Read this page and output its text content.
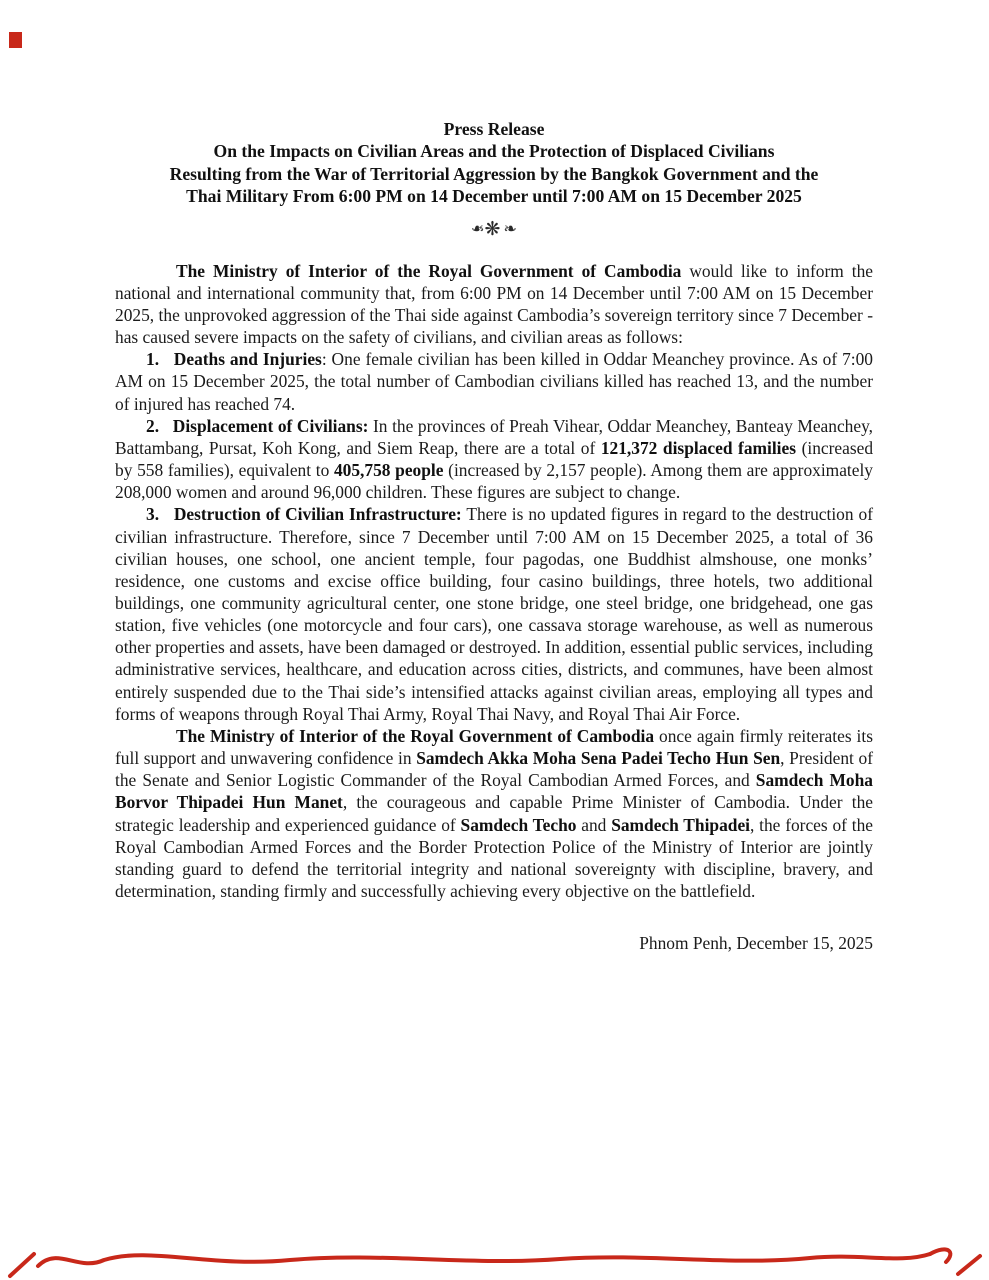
Press Release
On the Impacts on Civilian Areas and the Protection of Displaced Civilians
Resulting from the War of Territorial Aggression by the Bangkok Government and the
Thai Military From 6:00 PM on 14 December until 7:00 AM on 15 December 2025
❧❋❧

The Ministry of Interior of the Royal Government of Cambodia would like to inform the national and international community that, from 6:00 PM on 14 December until 7:00 AM on 15 December 2025, the unprovoked aggression of the Thai side against Cambodia’s sovereign territory since 7 December - has caused severe impacts on the safety of civilians, and civilian areas as follows:

1.   Deaths and Injuries: One female civilian has been killed in Oddar Meanchey province. As of 7:00 AM on 15 December 2025, the total number of Cambodian civilians killed has reached 13, and the number of injured has reached 74.

2.   Displacement of Civilians: In the provinces of Preah Vihear, Oddar Meanchey, Banteay Meanchey, Battambang, Pursat, Koh Kong, and Siem Reap, there are a total of 121,372 displaced families (increased by 558 families), equivalent to 405,758 people (increased by 2,157 people). Among them are approximately 208,000 women and around 96,000 children. These figures are subject to change.

3.   Destruction of Civilian Infrastructure: There is no updated figures in regard to the destruction of civilian infrastructure. Therefore, since 7 December until 7:00 AM on 15 December 2025, a total of 36 civilian houses, one school, one ancient temple, four pagodas, one Buddhist almshouse, one monks’ residence, one customs and excise office building, four casino buildings, three hotels, two additional buildings, one community agricultural center, one stone bridge, one steel bridge, one bridgehead, one gas station, five vehicles (one motorcycle and four cars), one cassava storage warehouse, as well as numerous other properties and assets, have been damaged or destroyed. In addition, essential public services, including administrative services, healthcare, and education across cities, districts, and communes, have been almost entirely suspended due to the Thai side’s intensified attacks against civilian areas, employing all types and forms of weapons through Royal Thai Army, Royal Thai Navy, and Royal Thai Air Force.

The Ministry of Interior of the Royal Government of Cambodia once again firmly reiterates its full support and unwavering confidence in Samdech Akka Moha Sena Padei Techo Hun Sen, President of the Senate and Senior Logistic Commander of the Royal Cambodian Armed Forces, and Samdech Moha Borvor Thipadei Hun Manet, the courageous and capable Prime Minister of Cambodia. Under the strategic leadership and experienced guidance of Samdech Techo and Samdech Thipadei, the forces of the Royal Cambodian Armed Forces and the Border Protection Police of the Ministry of Interior are jointly standing guard to defend the territorial integrity and national sovereignty with discipline, bravery, and determination, standing firmly and successfully achieving every objective on the battlefield.

Phnom Penh, December 15, 2025
